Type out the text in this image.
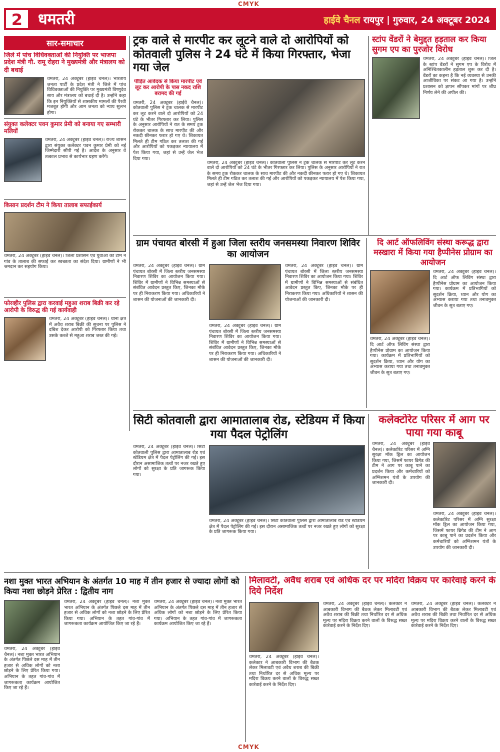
CMYK
2	धमतरी	हाईवे चैनल रायपुर | गुरुवार, 24 अक्टूबर 2024
सार-समाचार
जिले में पांच विधिवक्ताओं की नियुक्ति पर भाजपा प्रदेश मंत्री गौ. रामू रोहरा ने मुख्यमंत्री और मंत्रालय को दी बधाई
धमतरी, 24 अक्टूबर (हाईवे चैनल)। भारतीय जनता पार्टी के प्रदेश मंत्री ने जिले में पांच विधिवक्ताओं की नियुक्ति पर मुख्यमंत्री विष्णुदेव साय और मंत्रालय को बधाई दी है। उन्होंने कहा कि इन नियुक्तियों से शासकीय मामलों की पैरवी मजबूत होगी और आम जनता को न्याय सुलभ होगा।
संयुक्त कलेक्टर पवन कुमार प्रेमी को बनाया गए सम्भारी मलियों
धमतरी, 24 अक्टूबर (हाईवे चैनल)। राज्य शासन द्वारा संयुक्त कलेक्टर पवन कुमार प्रेमी को नई जिम्मेदारी सौंपी गई है। आदेश के अनुसार वे तत्काल प्रभाव से कार्यभार ग्रहण करेंगे।
किसान प्रदर्शन टीम ने किया तालाब सफाईकार्य
धमतरी, 24 अक्टूबर (हाईवे चैनल)। जिला प्रशासन एवं युवाओं की टीम ने गांव के तालाब की सफाई कर स्वच्छता का संदेश दिया। ग्रामीणों ने भी श्रमदान कर सहयोग किया।
फोरव्हीर पुलिस द्वारा करवाई महुआ शराब बिक्री कर रहे आरोपी के विरुद्ध की गई कार्यवाही
धमतरी, 24 अक्टूबर (हाईवे चैनल)। थाना क्षेत्र में अवैध शराब बिक्री की सूचना पर पुलिस ने दबिश देकर आरोपी को गिरफ्तार किया तथा उसके कब्जे से महुआ शराब जब्त की गई।
ट्रक वाले से मारपीट कर लूटने वाले दो आरोपियों को कोतवाली पुलिस ने 24 घंटे में किया गिरफ्तार, भेजा गया जेल
पीड़ित आवेदक से किया मारपीट एवं लूट कर आरोपी के पास नकद राशि बरामद की गई
धमतरी, 24 अक्टूबर (हाईवे चैनल)। कोतवाली पुलिस ने ट्रक चालक से मारपीट कर लूट करने वाले दो आरोपियों को 24 घंटे के भीतर गिरफ्तार कर लिया। पुलिस के अनुसार आरोपियों ने रात के समय ट्रक रोककर चालक के साथ मारपीट की और नकदी छीनकर फरार हो गए थे। शिकायत मिलते ही टीम गठित कर तलाश की गई और आरोपियों को पकड़कर न्यायालय में पेश किया गया, जहां से उन्हें जेल भेज दिया गया।
धमतरी, 24 अक्टूबर (हाईवे चैनल)। कोतवाली पुलिस ने ट्रक चालक से मारपीट कर लूट करने वाले दो आरोपियों को 24 घंटे के भीतर गिरफ्तार कर लिया। पुलिस के अनुसार आरोपियों ने रात के समय ट्रक रोककर चालक के साथ मारपीट की और नकदी छीनकर फरार हो गए थे। शिकायत मिलते ही टीम गठित कर तलाश की गई और आरोपियों को पकड़कर न्यायालय में पेश किया गया, जहां से उन्हें जेल भेज दिया गया।
स्टांप वेंडरों ने बेमुद्दत हड़ताल कर किया सुगम एप का पुरजोर विरोध
धमतरी, 24 अक्टूबर (हाईवे चैनल)। जिले के स्टांप वेंडरों ने सुगम एप के विरोध में अनिश्चितकालीन हड़ताल शुरू कर दी है। वेंडरों का कहना है कि नई व्यवस्था से उनकी आजीविका पर संकट आ गया है। उन्होंने प्रशासन को ज्ञापन सौंपकर मांगों पर शीघ्र निर्णय लेने की अपील की।
ग्राम पंचायत बोरसी में हुआ जिला स्तरीय जनसमस्या निवारण शिविर का आयोजन
धमतरी, 24 अक्टूबर (हाईवे चैनल)। ग्राम पंचायत बोरसी में जिला स्तरीय जनसमस्या निवारण शिविर का आयोजन किया गया। शिविर में ग्रामीणों ने विभिन्न समस्याओं से संबंधित आवेदन प्रस्तुत किए, जिनका मौके पर ही निराकरण किया गया। अधिकारियों ने शासन की योजनाओं की जानकारी दी।
धमतरी, 24 अक्टूबर (हाईवे चैनल)। ग्राम पंचायत बोरसी में जिला स्तरीय जनसमस्या निवारण शिविर का आयोजन किया गया। शिविर में ग्रामीणों ने विभिन्न समस्याओं से संबंधित आवेदन प्रस्तुत किए, जिनका मौके पर ही निराकरण किया गया। अधिकारियों ने शासन की योजनाओं की जानकारी दी।
धमतरी, 24 अक्टूबर (हाईवे चैनल)। ग्राम पंचायत बोरसी में जिला स्तरीय जनसमस्या निवारण शिविर का आयोजन किया गया। शिविर में ग्रामीणों ने विभिन्न समस्याओं से संबंधित आवेदन प्रस्तुत किए, जिनका मौके पर ही निराकरण किया गया। अधिकारियों ने शासन की योजनाओं की जानकारी दी।
दि आर्ट ऑफलिविंग संस्था करूद्ध द्वारा मस्खारा में किया गया हैप्पीनेस प्रोग्राम का आयोजन
धमतरी, 24 अक्टूबर (हाईवे चैनल)। दि आर्ट ऑफ लिविंग संस्था द्वारा हैप्पीनेस प्रोग्राम का आयोजन किया गया। कार्यक्रम में प्रतिभागियों को सुदर्शन क्रिया, ध्यान और योग का अभ्यास कराया गया तथा तनावमुक्त जीवन के सूत्र बताए गए।
धमतरी, 24 अक्टूबर (हाईवे चैनल)। दि आर्ट ऑफ लिविंग संस्था द्वारा हैप्पीनेस प्रोग्राम का आयोजन किया गया। कार्यक्रम में प्रतिभागियों को सुदर्शन क्रिया, ध्यान और योग का अभ्यास कराया गया तथा तनावमुक्त जीवन के सूत्र बताए गए।
सिटी कोतवाली द्वारा आमातालाब रोड, स्टेडियम में किया गया पैदल पेट्रोलिंग
धमतरी, 24 अक्टूबर (हाईवे चैनल)। सिटी कोतवाली पुलिस द्वारा आमातालाब रोड एवं स्टेडियम क्षेत्र में पैदल पेट्रोलिंग की गई। इस दौरान असामाजिक तत्वों पर नजर रखते हुए लोगों को सुरक्षा के प्रति जागरूक किया गया।
धमतरी, 24 अक्टूबर (हाईवे चैनल)। सिटी कोतवाली पुलिस द्वारा आमातालाब रोड एवं स्टेडियम क्षेत्र में पैदल पेट्रोलिंग की गई। इस दौरान असामाजिक तत्वों पर नजर रखते हुए लोगों को सुरक्षा के प्रति जागरूक किया गया।
कलेक्टोरेट परिसर में आग पर पाया गया काबू
धमतरी, 24 अक्टूबर (हाईवे चैनल)। कलेक्टोरेट परिसर में अग्नि सुरक्षा मॉक ड्रिल का आयोजन किया गया, जिसमें फायर ब्रिगेड की टीम ने आग पर काबू पाने का प्रदर्शन किया और कर्मचारियों को अग्निशमन यंत्रों के उपयोग की जानकारी दी।
धमतरी, 24 अक्टूबर (हाईवे चैनल)। कलेक्टोरेट परिसर में अग्नि सुरक्षा मॉक ड्रिल का आयोजन किया गया, जिसमें फायर ब्रिगेड की टीम ने आग पर काबू पाने का प्रदर्शन किया और कर्मचारियों को अग्निशमन यंत्रों के उपयोग की जानकारी दी।
नशा मुक्त भारत अभियान के अंतर्गत 10 माह में तीन हजार से ज्यादा लोगों को किया नशा छोड़ने प्रेरित : द्वितीय नाग
धमतरी, 24 अक्टूबर (हाईवे चैनल)। नशा मुक्त भारत अभियान के अंतर्गत पिछले दस माह में तीन हजार से अधिक लोगों को नशा छोड़ने के लिए प्रेरित किया गया। अभियान के तहत गांव-गांव में जागरूकता कार्यक्रम आयोजित किए जा रहे हैं।
धमतरी, 24 अक्टूबर (हाईवे चैनल)। नशा मुक्त भारत अभियान के अंतर्गत पिछले दस माह में तीन हजार से अधिक लोगों को नशा छोड़ने के लिए प्रेरित किया गया। अभियान के तहत गांव-गांव में जागरूकता कार्यक्रम आयोजित किए जा रहे हैं।
धमतरी, 24 अक्टूबर (हाईवे चैनल)। नशा मुक्त भारत अभियान के अंतर्गत पिछले दस माह में तीन हजार से अधिक लोगों को नशा छोड़ने के लिए प्रेरित किया गया। अभियान के तहत गांव-गांव में जागरूकता कार्यक्रम आयोजित किए जा रहे हैं।
मिलावटी, अवैध शराब एवं अधिक दर पर मदिरा विक्रय पर कार्रवाई करने के दिये निर्देश
धमतरी, 24 अक्टूबर (हाईवे चैनल)। कलेक्टर ने आबकारी विभाग की बैठक लेकर मिलावटी एवं अवैध शराब की बिक्री तथा निर्धारित दर से अधिक मूल्य पर मदिरा विक्रय करने वालों के विरुद्ध सख्त कार्रवाई करने के निर्देश दिए।
धमतरी, 24 अक्टूबर (हाईवे चैनल)। कलेक्टर ने आबकारी विभाग की बैठक लेकर मिलावटी एवं अवैध शराब की बिक्री तथा निर्धारित दर से अधिक मूल्य पर मदिरा विक्रय करने वालों के विरुद्ध सख्त कार्रवाई करने के निर्देश दिए।
धमतरी, 24 अक्टूबर (हाईवे चैनल)। कलेक्टर ने आबकारी विभाग की बैठक लेकर मिलावटी एवं अवैध शराब की बिक्री तथा निर्धारित दर से अधिक मूल्य पर मदिरा विक्रय करने वालों के विरुद्ध सख्त कार्रवाई करने के निर्देश दिए।
CMYK
